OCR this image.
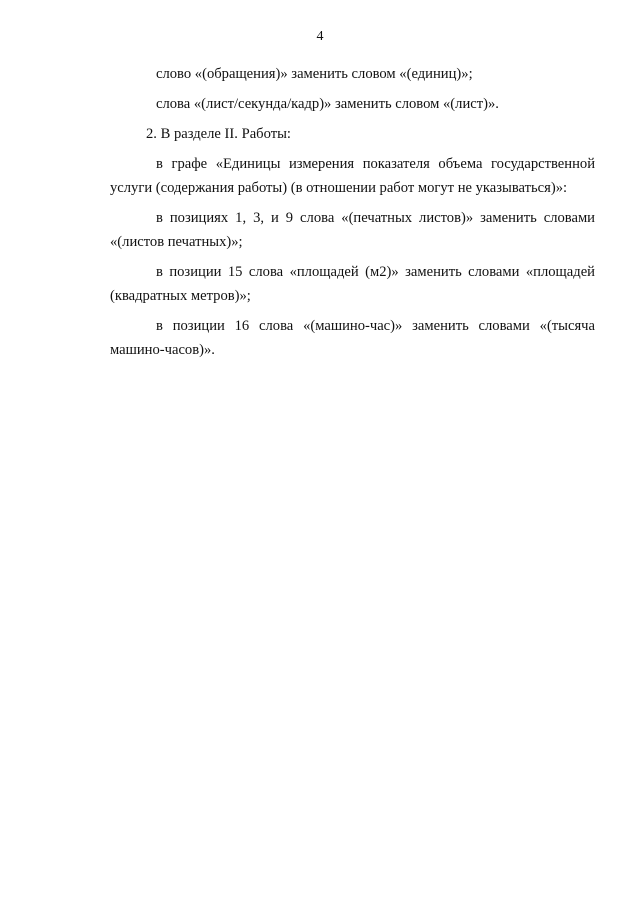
4

слово «(обращения)» заменить словом «(единиц)»;

слова «(лист/секунда/кадр)» заменить словом «(лист)».

2. В разделе II. Работы:

в графе «Единицы измерения показателя объема государственной услуги (содержания работы) (в отношении работ могут не указываться)»:

в позициях 1, 3, и 9 слова «(печатных листов)» заменить словами «(листов печатных)»;

в позиции 15 слова «площадей (м2)» заменить словами «площадей (квадратных метров)»;

в позиции 16 слова «(машино-час)» заменить словами «(тысяча машино-часов)».
